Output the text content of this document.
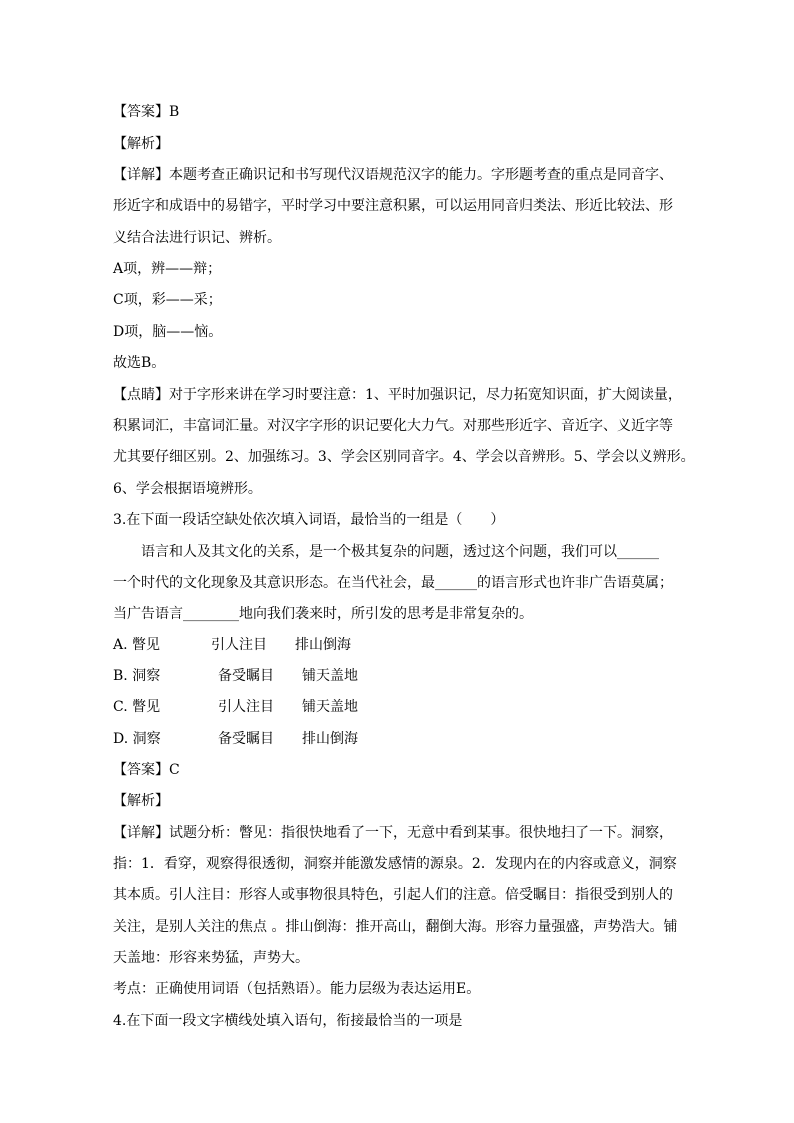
【答案】B
【解析】
【详解】本题考查正确识记和书写现代汉语规范汉字的能力。字形题考查的重点是同音字、
形近字和成语中的易错字，平时学习中要注意积累，可以运用同音归类法、形近比较法、形
义结合法进行识记、辨析。
A项，辨——辩；
C项，彩——采；
D项，脑——恼。
故选B。
【点睛】对于字形来讲在学习时要注意：1、平时加强识记，尽力拓宽知识面，扩大阅读量，
积累词汇，丰富词汇量。对汉字字形的识记要化大力气。对那些形近字、音近字、义近字等
尤其要仔细区别。2、加强练习。3、学会区别同音字。4、学会以音辨形。5、学会以义辨形。
6、学会根据语境辨形。
3.在下面一段话空缺处依次填入词语，最恰当的一组是（　　）
语言和人及其文化的关系，是一个极其复杂的问题，透过这个问题，我们可以______
一个时代的文化现象及其意识形态。在当代社会，最______的语言形式也许非广告语莫属；
当广告语言________地向我们袭来时，所引发的思考是非常复杂的。
A. 瞥见	引人注目 排山倒海
B. 洞察	备受瞩目 铺天盖地
C. 瞥见	引人注目 铺天盖地
D. 洞察	备受瞩目 排山倒海
【答案】C
【解析】
【详解】试题分析：瞥见：指很快地看了一下，无意中看到某事。很快地扫了一下。洞察，
指：1．看穿，观察得很透彻，洞察并能激发感情的源泉。2．发现内在的内容或意义，洞察
其本质。引人注目：形容人或事物很具特色，引起人们的注意。倍受瞩目：指很受到别人的
关注，是别人关注的焦点 。排山倒海：推开高山，翻倒大海。形容力量强盛，声势浩大。铺
天盖地：形容来势猛，声势大。
考点：正确使用词语（包括熟语）。能力层级为表达运用E。
4.在下面一段文字横线处填入语句，衔接最恰当的一项是
